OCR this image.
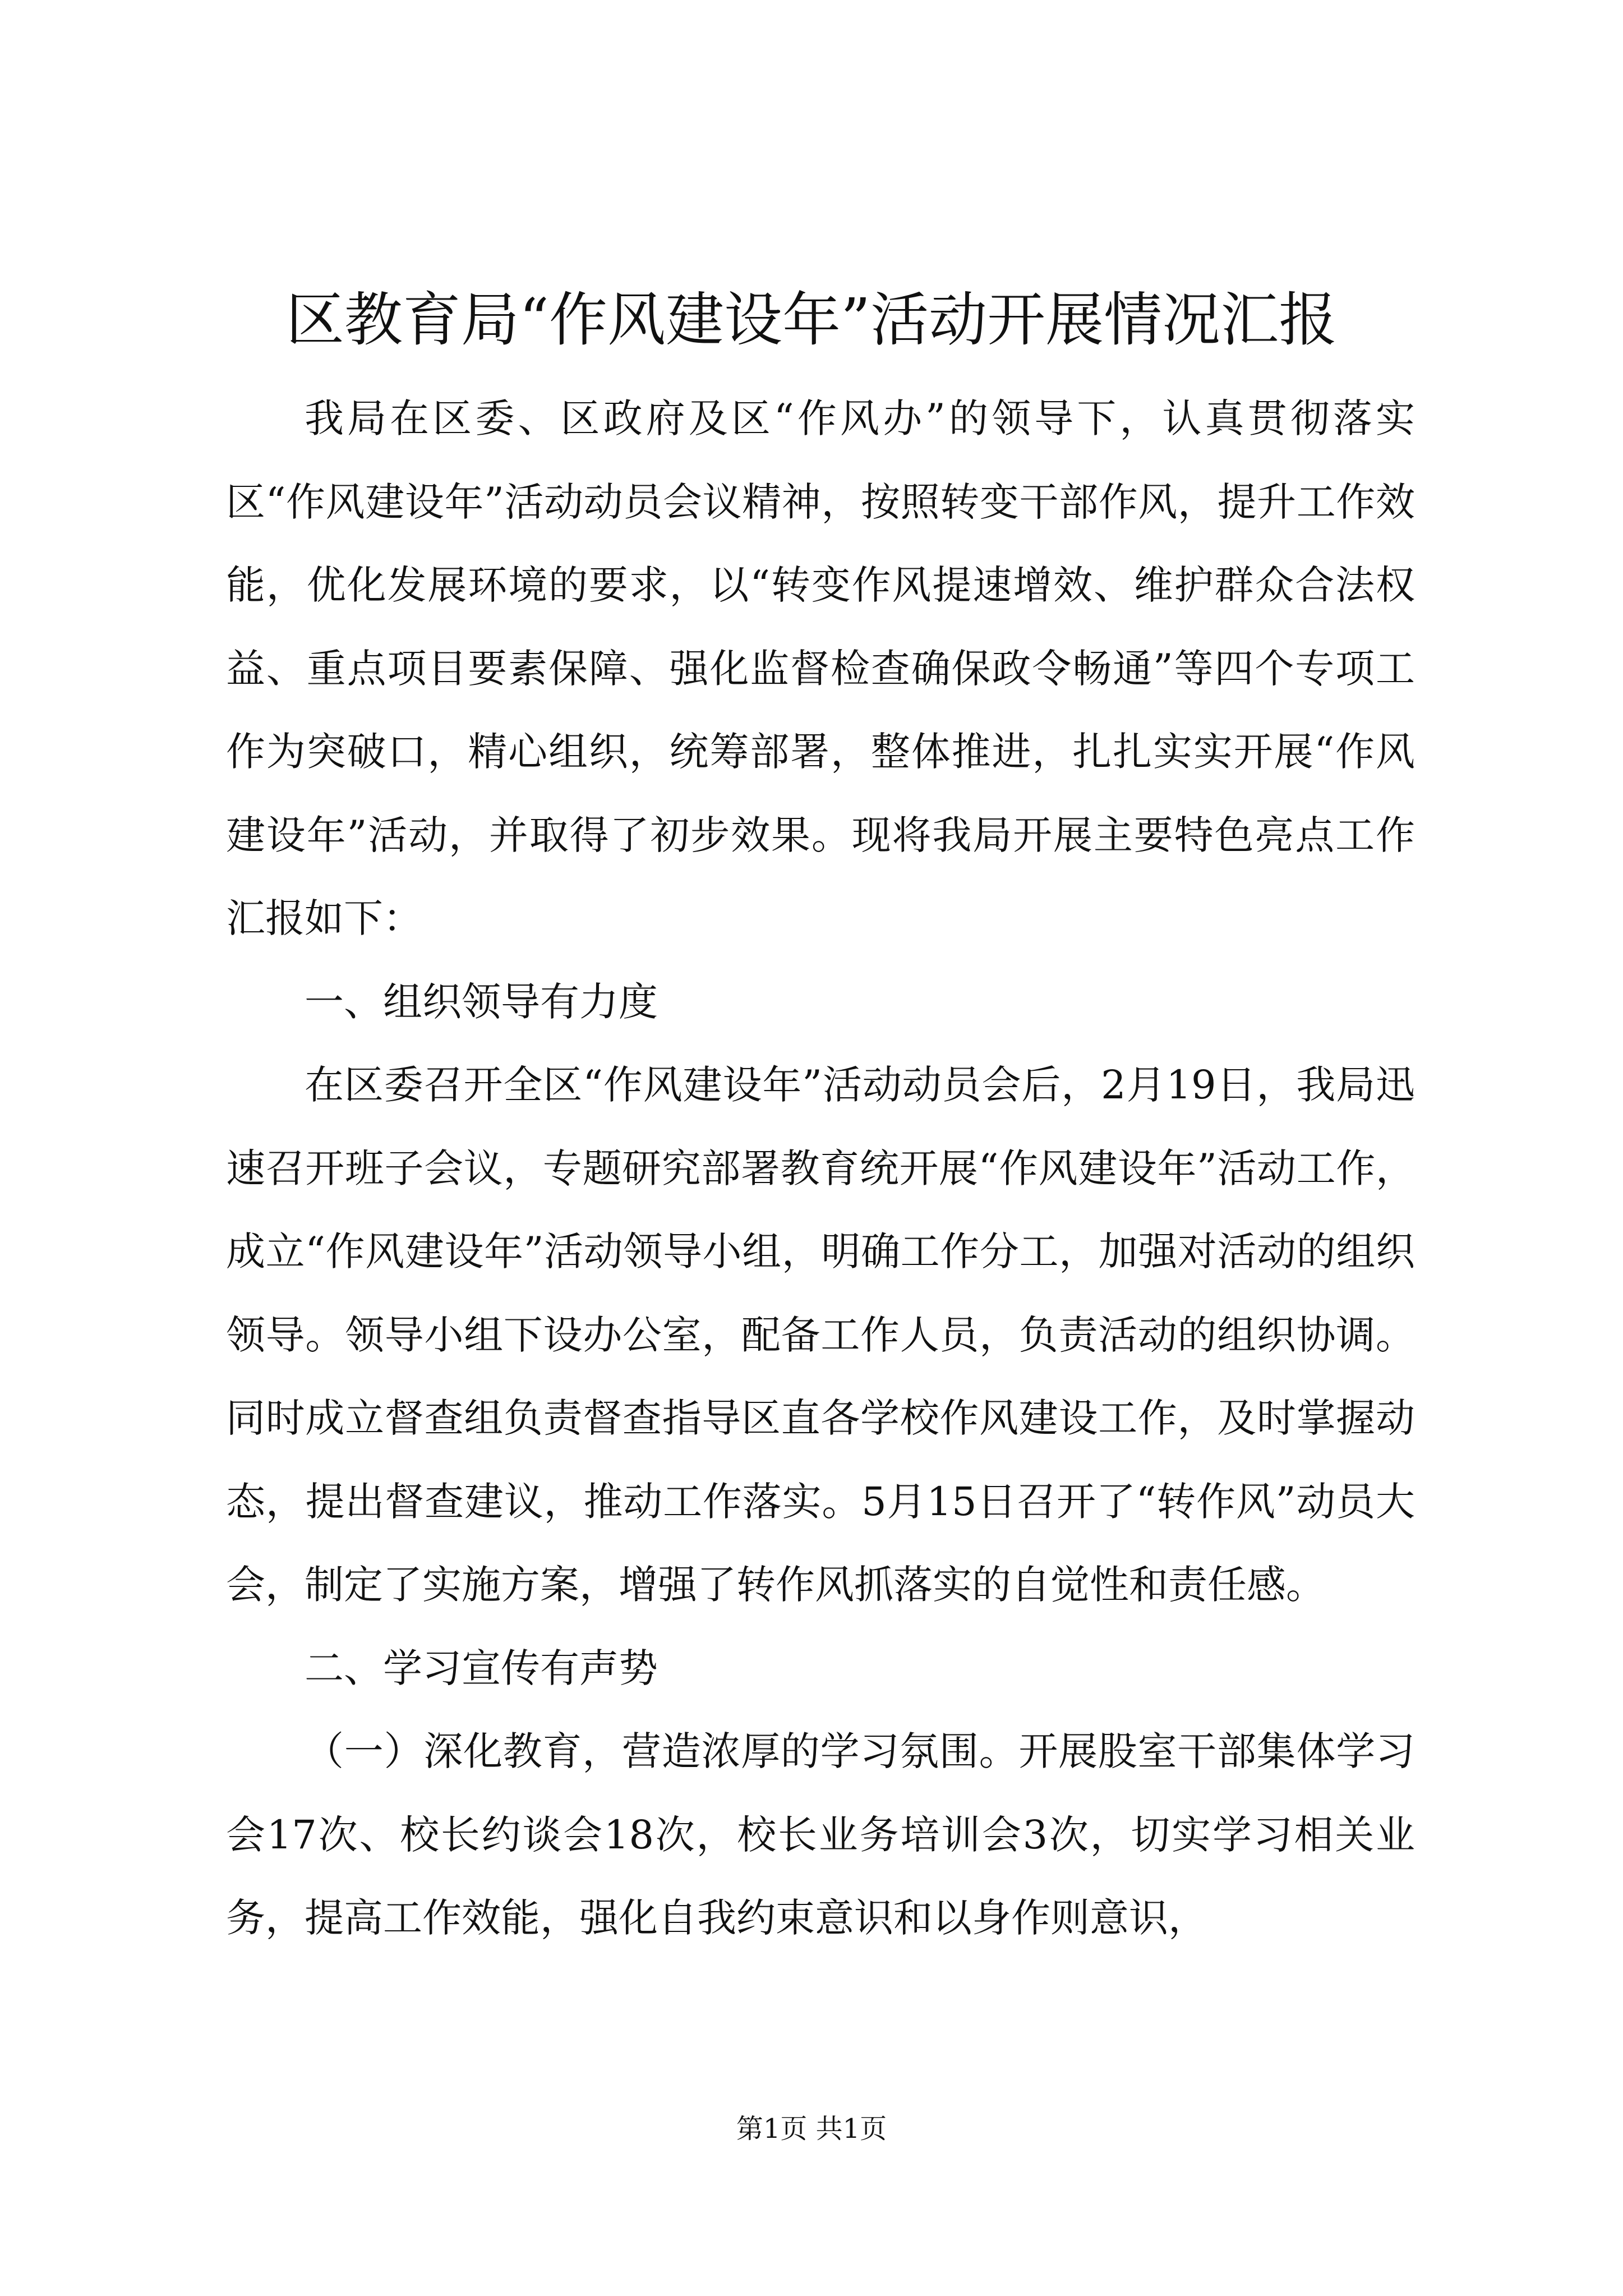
区教育局“作风建设年”活动开展情况汇报

我局在区委、区政府及区“作风办”的领导下，认真贯彻落实区“作风建设年”活动动员会议精神，按照转变干部作风，提升工作效能，优化发展环境的要求，以“转变作风提速增效、维护群众合法权益、重点项目要素保障、强化监督检查确保政令畅通”等四个专项工作为突破口，精心组织，统筹部署，整体推进，扎扎实实开展“作风建设年”活动，并取得了初步效果。现将我局开展主要特色亮点工作汇报如下：

一、组织领导有力度

在区委召开全区“作风建设年”活动动员会后，2月19日，我局迅速召开班子会议，专题研究部署教育统开展“作风建设年”活动工作，成立“作风建设年”活动领导小组，明确工作分工，加强对活动的组织领导。领导小组下设办公室，配备工作人员，负责活动的组织协调。同时成立督查组负责督查指导区直各学校作风建设工作，及时掌握动态，提出督查建议，推动工作落实。5月15日召开了“转作风”动员大会，制定了实施方案，增强了转作风抓落实的自觉性和责任感。

二、学习宣传有声势

（一）深化教育，营造浓厚的学习氛围。开展股室干部集体学习会17次、校长约谈会18次，校长业务培训会3次，切实学习相关业务，提高工作效能，强化自我约束意识和以身作则意识，

第1页 共1页
